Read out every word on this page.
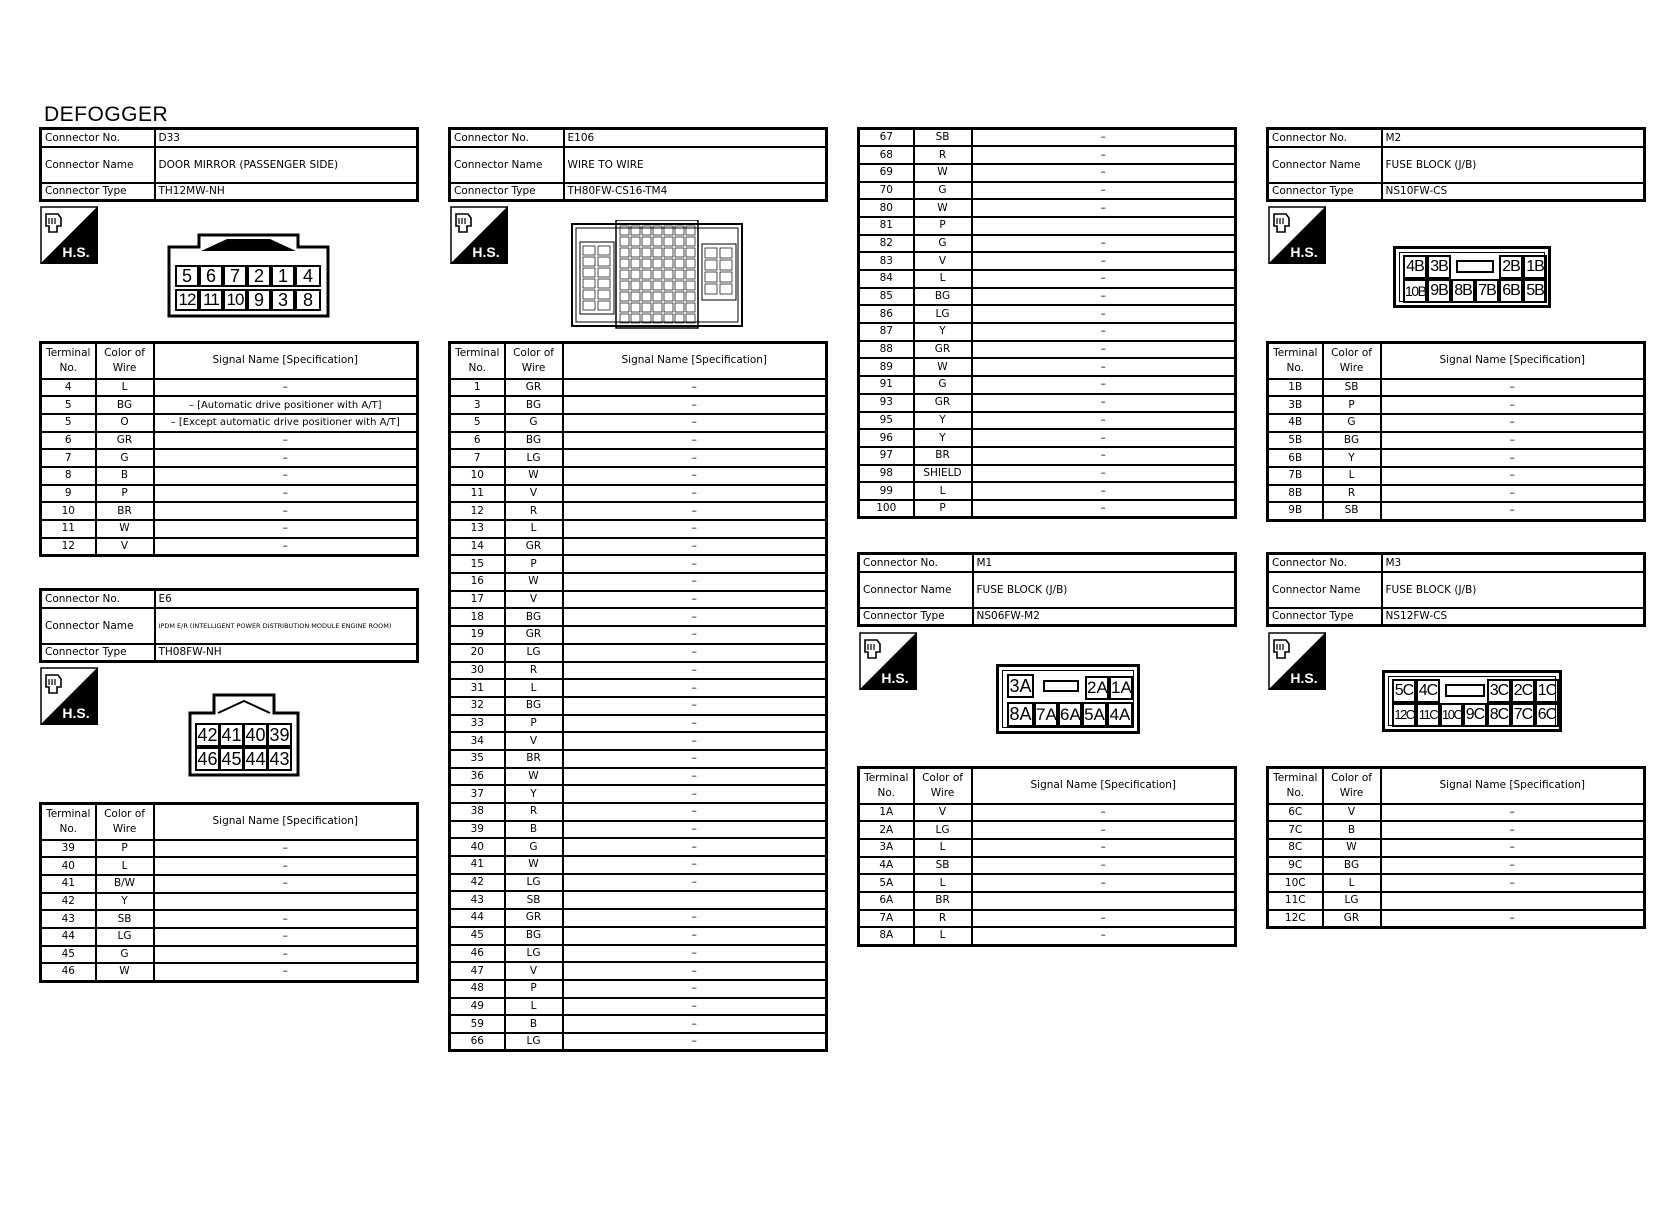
DEFOGGER
Connector No.	D33
Connector Name	DOOR MIRROR (PASSENGER SIDE)
Connector Type	TH12MW-NH
H.S.
5 6 7 2 1 4
12 11 10 9 3 8
Terminal No.	Color of Wire	Signal Name [Specification]
4	L	–
5	BG	– [Automatic drive positioner with A/T]
5	O	– [Except automatic drive positioner with A/T]
6	GR	–
7	G	–
8	B	–
9	P	–
10	BR	–
11	W	–
12	V	–
Connector No.	E6
Connector Name	IPDM E/R (INTELLIGENT POWER DISTRIBUTION MODULE ENGINE ROOM)
Connector Type	TH08FW-NH
H.S.
42 41 40 39
46 45 44 43
Terminal No.	Color of Wire	Signal Name [Specification]
39	P	–
40	L	–
41	B/W	–
42	Y	
43	SB	–
44	LG	–
45	G	–
46	W	–
Connector No.	E106
Connector Name	WIRE TO WIRE
Connector Type	TH80FW-CS16-TM4
H.S.
Terminal No.	Color of Wire	Signal Name [Specification]
1	GR	–
3	BG	–
5	G	–
6	BG	–
7	LG	–
10	W	–
11	V	–
12	R	–
13	L	–
14	GR	–
15	P	–
16	W	–
17	V	–
18	BG	–
19	GR	–
20	LG	–
30	R	–
31	L	–
32	BG	–
33	P	–
34	V	–
35	BR	–
36	W	–
37	Y	–
38	R	–
39	B	–
40	G	–
41	W	–
42	LG	–
43	SB	
44	GR	–
45	BG	–
46	LG	–
47	V	–
48	P	–
49	L	–
59	B	–
66	LG	–
67	SB	–
68	R	–
69	W	–
70	G	–
80	W	–
81	P	
82	G	–
83	V	–
84	L	–
85	BG	–
86	LG	–
87	Y	–
88	GR	–
89	W	–
91	G	–
93	GR	–
95	Y	–
96	Y	–
97	BR	–
98	SHIELD	–
99	L	–
100	P	–
Connector No.	M1
Connector Name	FUSE BLOCK (J/B)
Connector Type	NS06FW-M2
H.S.	3A	2A 1A
8A 7A 6A 5A 4A
Terminal No.	Color of Wire	Signal Name [Specification]
1A	V	–
2A	LG	–
3A	L	–
4A	SB	–
5A	L	–
6A	BR	
7A	R	–
8A	L	–
Connector No.	M2
Connector Name	FUSE BLOCK (J/B)
Connector Type	NS10FW-CS
H.S.
4B 3B	2B 1B
10B 9B 8B 7B 6B 5B
Terminal No.	Color of Wire	Signal Name [Specification]
1B	SB	–
3B	P	–
4B	G	–
5B	BG	–
6B	Y	–
7B	L	–
8B	R	–
9B	SB	–
Connector No.	M3
Connector Name	FUSE BLOCK (J/B)
Connector Type	NS12FW-CS
H.S.
5C 4C	3C 2C 1C
12C 11C 10C 9C 8C 7C 6C
Terminal No.	Color of Wire	Signal Name [Specification]
6C	V	–
7C	B	–
8C	W	–
9C	BG	–
10C	L	–
11C	LG	
12C	GR	–
